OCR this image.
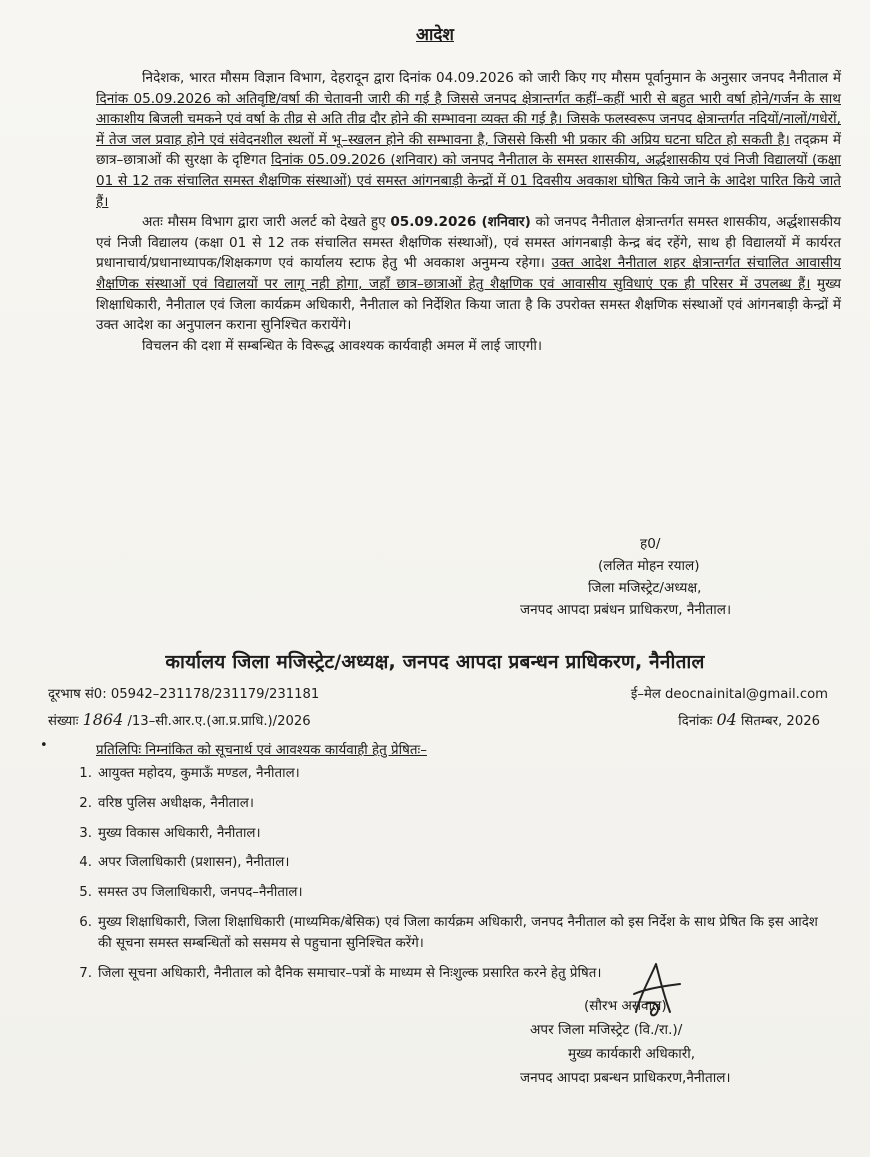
आदेश

निदेशक, भारत मौसम विज्ञान विभाग, देहरादून द्वारा दिनांक 04.09.2026 को जारी किए गए मौसम पूर्वानुमान के अनुसार जनपद नैनीताल में दिनांक 05.09.2026 को अतिवृष्टि/वर्षा की चेतावनी जारी की गई है जिससे जनपद क्षेत्रान्तर्गत कहीं–कहीं भारी से बहुत भारी वर्षा होने/गर्जन के साथ आकाशीय बिजली चमकने एवं वर्षा के तीव्र से अति तीव्र दौर होने की सम्भावना व्यक्त की गई है। जिसके फलस्वरूप जनपद क्षेत्रान्तर्गत नदियों/नालों/गधेरों, में तेज जल प्रवाह होने एवं संवेदनशील स्थलों में भू–स्खलन होने की सम्भावना है, जिससे किसी भी प्रकार की अप्रिय घटना घटित हो सकती है। तद्क्रम में छात्र–छात्राओं की सुरक्षा के दृष्टिगत दिनांक 05.09.2026 (शनिवार) को जनपद नैनीताल के समस्त शासकीय, अर्द्धशासकीय एवं निजी विद्यालयों (कक्षा 01 से 12 तक संचालित समस्त शैक्षणिक संस्थाओं) एवं समस्त आंगनबाड़ी केन्द्रों में 01 दिवसीय अवकाश घोषित किये जाने के आदेश पारित किये जाते हैं।

अतः मौसम विभाग द्वारा जारी अलर्ट को देखते हुए 05.09.2026 (शनिवार) को जनपद नैनीताल क्षेत्रान्तर्गत समस्त शासकीय, अर्द्धशासकीय एवं निजी विद्यालय (कक्षा 01 से 12 तक संचालित समस्त शैक्षणिक संस्थाओं), एवं समस्त आंगनबाड़ी केन्द्र बंद रहेंगे, साथ ही विद्यालयों में कार्यरत प्रधानाचार्य/प्रधानाध्यापक/शिक्षकगण एवं कार्यालय स्टाफ हेतु भी अवकाश अनुमन्य रहेगा। उक्त आदेश नैनीताल शहर क्षेत्रान्तर्गत संचालित आवासीय शैक्षणिक संस्थाओं एवं विद्यालयों पर लागू नही होगा, जहाँ छात्र–छात्राओं हेतु शैक्षणिक एवं आवासीय सुविधाएं एक ही परिसर में उपलब्ध हैं। मुख्य शिक्षाधिकारी, नैनीताल एवं जिला कार्यक्रम अधिकारी, नैनीताल को निर्देशित किया जाता है कि उपरोक्त समस्त शैक्षणिक संस्थाओं एवं आंगनबाड़ी केन्द्रों में उक्त आदेश का अनुपालन कराना सुनिश्चित करायेंगे।

विचलन की दशा में सम्बन्धित के विरूद्ध आवश्यक कार्यवाही अमल में लाई जाएगी।

ह0/
(ललित मोहन रयाल)
जिला मजिस्ट्रेट/अध्यक्ष,
जनपद आपदा प्रबंधन प्राधिकरण, नैनीताल।
कार्यालय जिला मजिस्ट्रेट/अध्यक्ष, जनपद आपदा प्रबन्धन प्राधिकरण, नैनीताल
दूरभाष सं0: 05942–231178/231179/231181	ई–मेल deocnainital@gmail.com
संख्याः 1864 /13–सी.आर.ए.(आ.प्र.प्राधि.)/2026	दिनांकः 04 सितम्बर, 2026
•	प्रतिलिपिः निम्नांकित को सूचनार्थ एवं आवश्यक कार्यवाही हेतु प्रेषितः–
1. आयुक्त महोदय, कुमाऊँ मण्डल, नैनीताल।
2. वरिष्ठ पुलिस अधीक्षक, नैनीताल।
3. मुख्य विकास अधिकारी, नैनीताल।
4. अपर जिलाधिकारी (प्रशासन), नैनीताल।
5. समस्त उप जिलाधिकारी, जनपद–नैनीताल।
6. मुख्य शिक्षाधिकारी, जिला शिक्षाधिकारी (माध्यमिक/बेसिक) एवं जिला कार्यक्रम अधिकारी, जनपद नैनीताल को इस निर्देश के साथ प्रेषित कि इस आदेश की सूचना समस्त सम्बन्धितों को ससमय से पहुचाना सुनिश्चित करेंगे।
7. जिला सूचना अधिकारी, नैनीताल को दैनिक समाचार–पत्रों के माध्यम से निःशुल्क प्रसारित करने हेतु प्रेषित।
(सौरभ असवाल)
अपर जिला मजिस्ट्रेट (वि./रा.)/
मुख्य कार्यकारी अधिकारी,
जनपद आपदा प्रबन्धन प्राधिकरण,नैनीताल।
